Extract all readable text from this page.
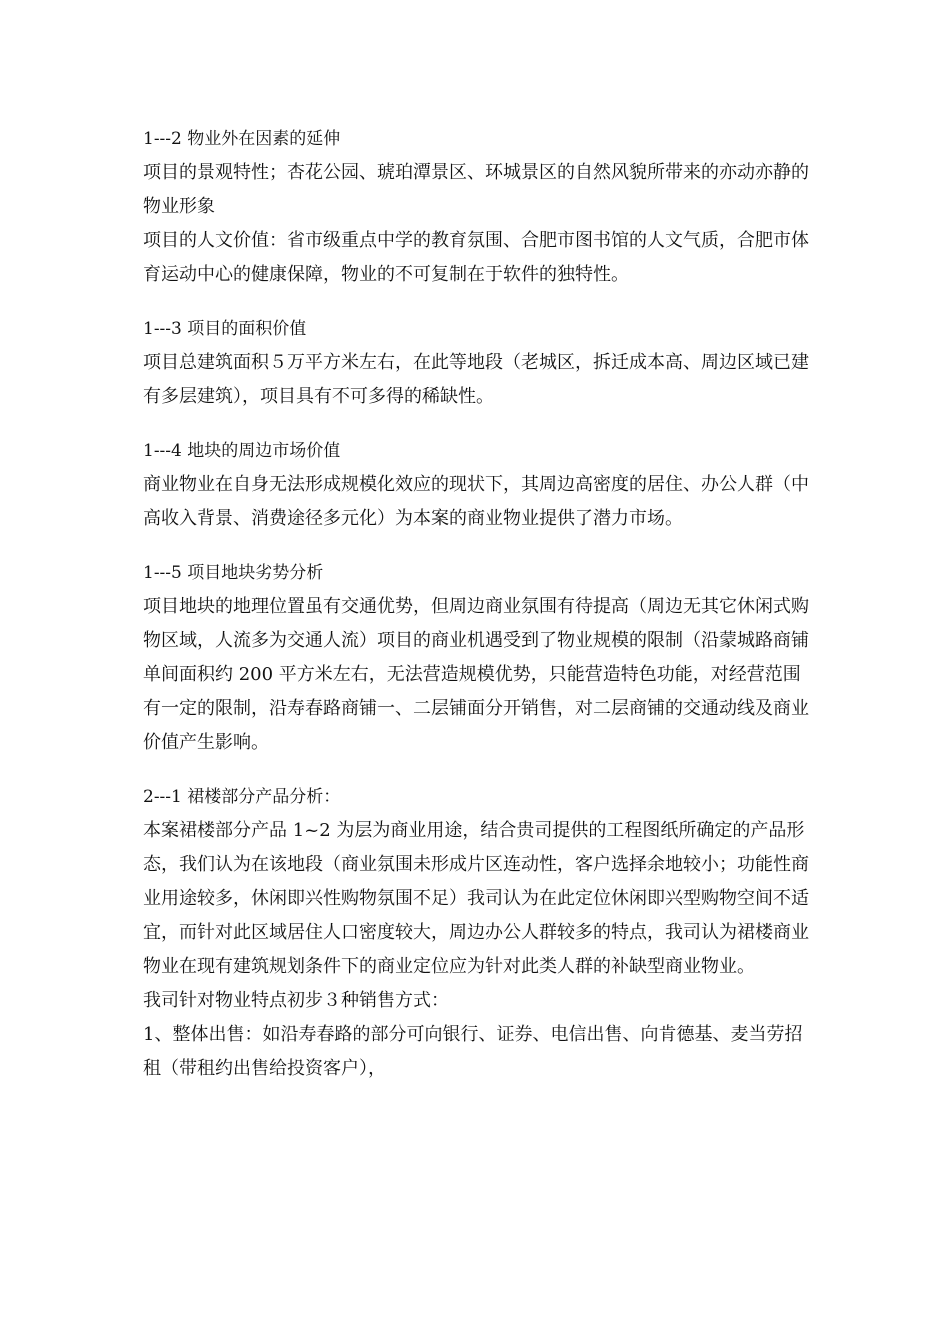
1---2 物业外在因素的延伸

项目的景观特性；杏花公园、琥珀潭景区、环城景区的自然风貌所带来的亦动亦静的物业形象

项目的人文价值：省市级重点中学的教育氛围、合肥市图书馆的人文气质，合肥市体育运动中心的健康保障，物业的不可复制在于软件的独特性。

1---3 项目的面积价值

项目总建筑面积５万平方米左右，在此等地段（老城区，拆迁成本高、周边区域已建有多层建筑），项目具有不可多得的稀缺性。

1---4 地块的周边市场价值

商业物业在自身无法形成规模化效应的现状下，其周边高密度的居住、办公人群（中高收入背景、消费途径多元化）为本案的商业物业提供了潜力市场。

1---5 项目地块劣势分析

项目地块的地理位置虽有交通优势，但周边商业氛围有待提高（周边无其它休闲式购物区域，人流多为交通人流）项目的商业机遇受到了物业规模的限制（沿蒙城路商铺单间面积约 200 平方米左右，无法营造规模优势，只能营造特色功能，对经营范围有一定的限制，沿寿春路商铺一、二层铺面分开销售，对二层商铺的交通动线及商业价值产生影响。

2---1 裙楼部分产品分析：

本案裙楼部分产品 1~2 为层为商业用途，结合贵司提供的工程图纸所确定的产品形态，我们认为在该地段（商业氛围未形成片区连动性，客户选择余地较小；功能性商业用途较多，休闲即兴性购物氛围不足）我司认为在此定位休闲即兴型购物空间不适宜，而针对此区域居住人口密度较大，周边办公人群较多的特点，我司认为裙楼商业物业在现有建筑规划条件下的商业定位应为针对此类人群的补缺型商业物业。

我司针对物业特点初步３种销售方式：

1、整体出售：如沿寿春路的部分可向银行、证券、电信出售、向肯德基、麦当劳招租（带租约出售给投资客户），
